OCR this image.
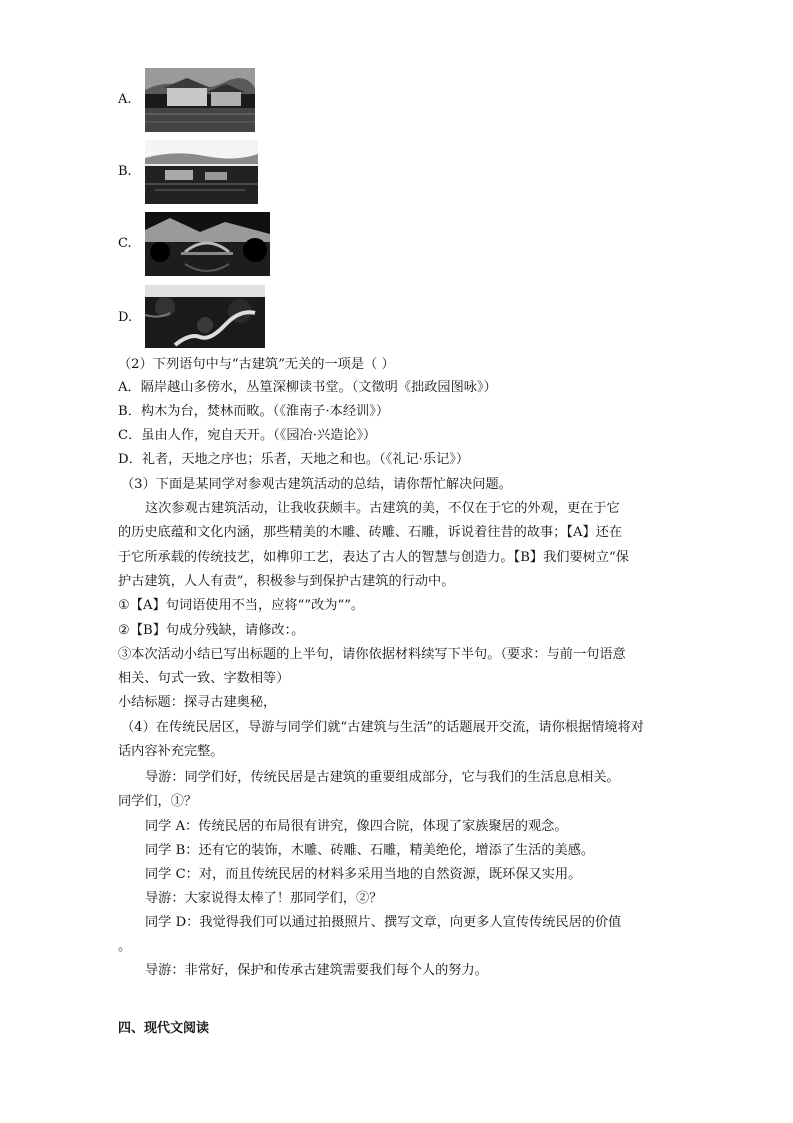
A.
B.
C.
D.
（2）下列语句中与“古建筑”无关的一项是（ ）
A．隔岸越山多傍水，丛篁深柳读书堂。（文徵明《拙政园图咏》）
B．构木为台，焚林而畋。（《淮南子·本经训》）
C．虽由人作，宛自天开。（《园冶·兴造论》）
D．礼者，天地之序也；乐者，天地之和也。（《礼记·乐记》）
（3）下面是某同学对参观古建筑活动的总结，请你帮忙解决问题。
这次参观古建筑活动，让我收获颇丰。古建筑的美，不仅在于它的外观，更在于它
的历史底蕴和文化内涵，那些精美的木雕、砖雕、石雕，诉说着往昔的故事；【A】还在
于它所承载的传统技艺，如榫卯工艺，表达了古人的智慧与创造力。【B】我们要树立“保
护古建筑，人人有责”，积极参与到保护古建筑的行动中。
①【A】句词语使用不当，应将“”改为“”。
②【B】句成分残缺，请修改：。
③本次活动小结已写出标题的上半句，请你依据材料续写下半句。（要求：与前一句语意
相关、句式一致、字数相等）
小结标题：探寻古建奥秘，
（4）在传统民居区，导游与同学们就“古建筑与生活”的话题展开交流，请你根据情境将对
话内容补充完整。
导游：同学们好，传统民居是古建筑的重要组成部分，它与我们的生活息息相关。
同学们，①？
同学 A：传统民居的布局很有讲究，像四合院，体现了家族聚居的观念。
同学 B：还有它的装饰，木雕、砖雕、石雕，精美绝伦，增添了生活的美感。
同学 C：对，而且传统民居的材料多采用当地的自然资源，既环保又实用。
导游：大家说得太棒了！那同学们，②？
同学 D：我觉得我们可以通过拍摄照片、撰写文章，向更多人宣传传统民居的价值
。
导游：非常好，保护和传承古建筑需要我们每个人的努力。
四、现代文阅读
